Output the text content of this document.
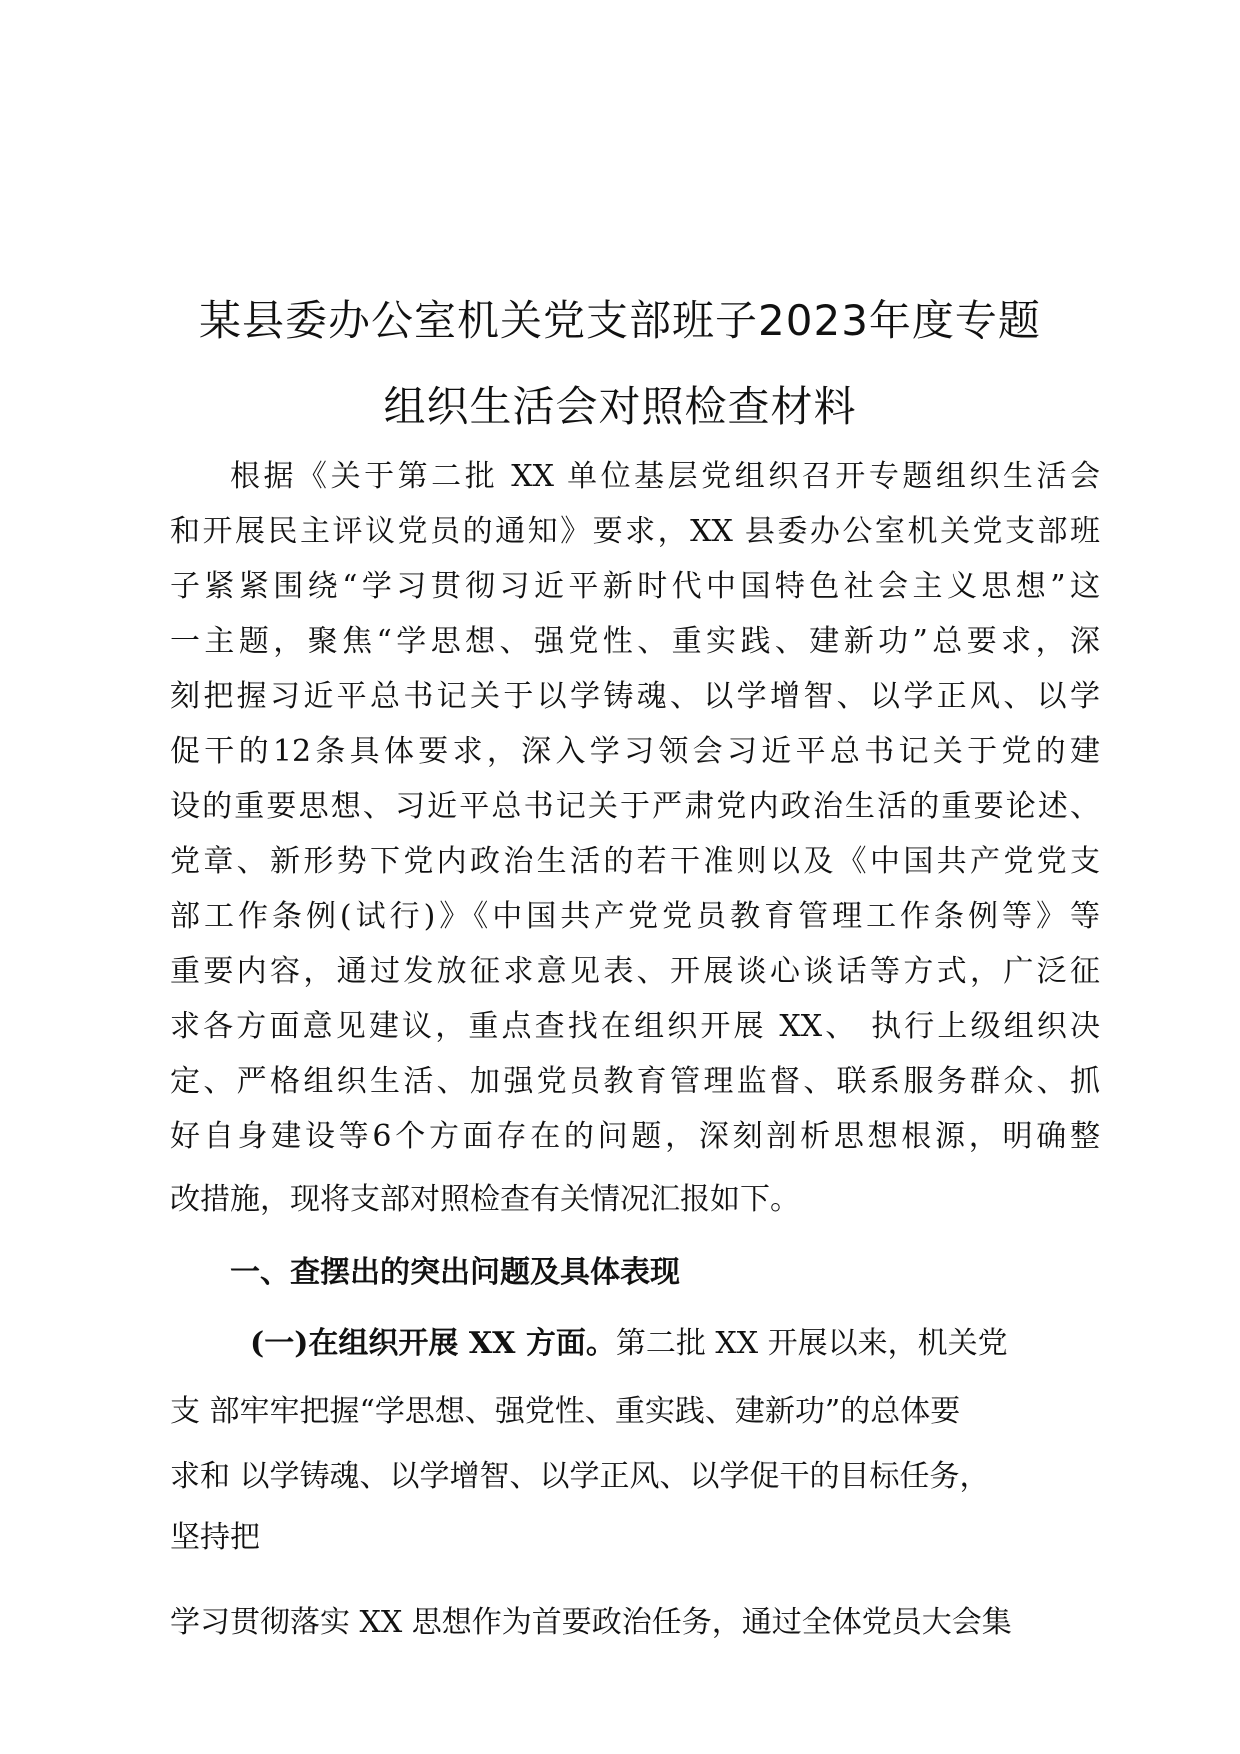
某县委办公室机关党支部班子2023年度专题
组织生活会对照检查材料
根据《关于第二批 XX 单位基层党组织召开专题组织生活会
和开展民主评议党员的通知》要求，XX 县委办公室机关党支部班
子紧紧围绕“学习贯彻习近平新时代中国特色社会主义思想”这
一主题，聚焦“学思想、强党性、重实践、建新功”总要求，深
刻把握习近平总书记关于以学铸魂、以学增智、以学正风、以学
促干的12条具体要求，深入学习领会习近平总书记关于党的建
设的重要思想、习近平总书记关于严肃党内政治生活的重要论述、
党章、新形势下党内政治生活的若干准则以及《中国共产党党支
部工作条例(试行)》《中国共产党党员教育管理工作条例等》等
重要内容，通过发放征求意见表、开展谈心谈话等方式，广泛征
求各方面意见建议，重点查找在组织开展 XX、 执行上级组织决
定、严格组织生活、加强党员教育管理监督、联系服务群众、抓
好自身建设等6个方面存在的问题，深刻剖析思想根源，明确整
改措施，现将支部对照检查有关情况汇报如下。
一、查摆出的突出问题及具体表现
(一)在组织开展 XX 方面。第二批 XX 开展以来，机关党
支 部牢牢把握“学思想、强党性、重实践、建新功”的总体要
求和 以学铸魂、以学增智、以学正风、以学促干的目标任务，
坚持把
学习贯彻落实 XX 思想作为首要政治任务，通过全体党员大会集
